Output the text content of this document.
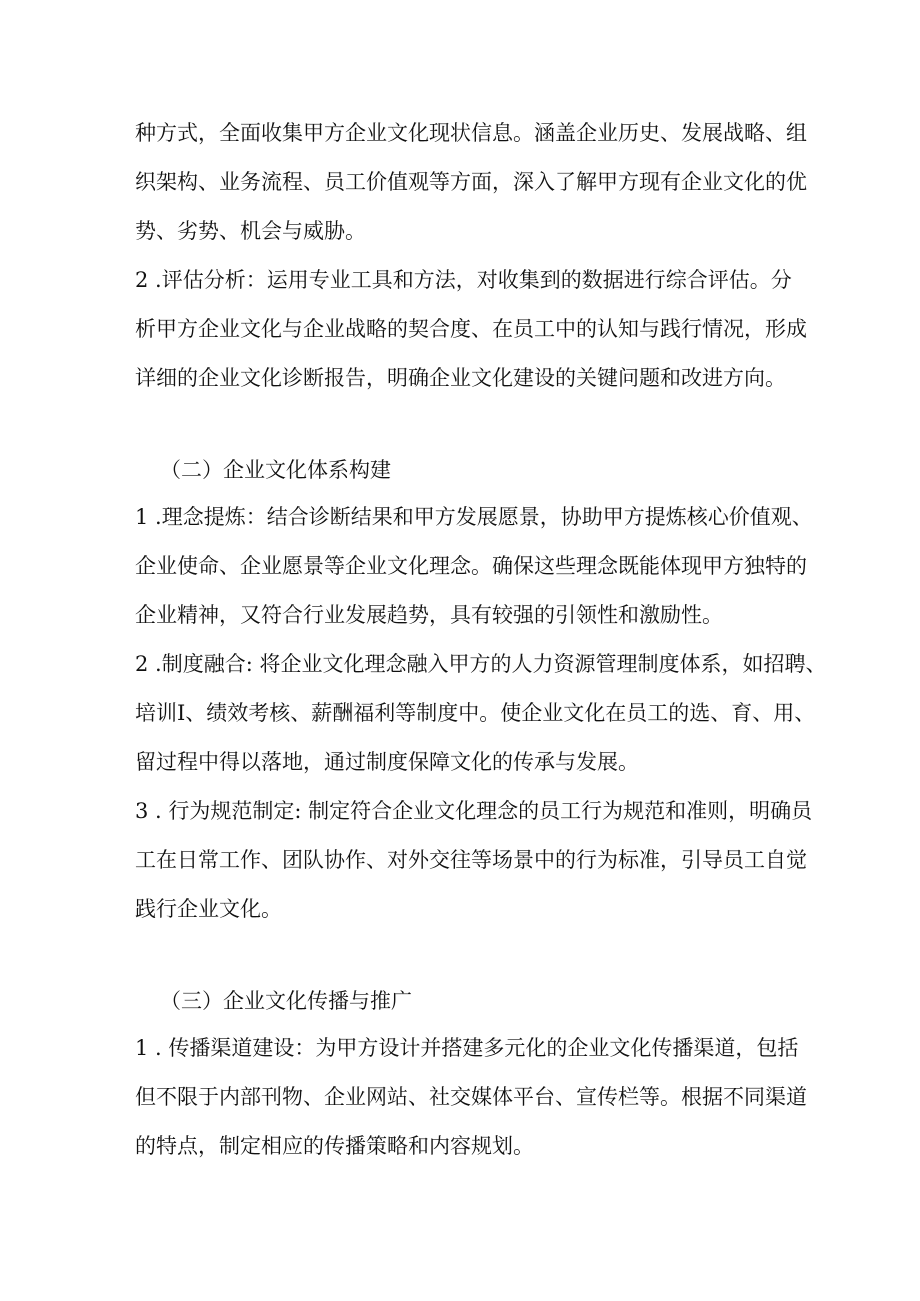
种方式，全面收集甲方企业文化现状信息。涵盖企业历史、发展战略、组
织架构、业务流程、员工价值观等方面，深入了解甲方现有企业文化的优
势、劣势、机会与威胁。
2 .评估分析：运用专业工具和方法，对收集到的数据进行综合评估。分
析甲方企业文化与企业战略的契合度、在员工中的认知与践行情况，形成
详细的企业文化诊断报告，明确企业文化建设的关键问题和改进方向。
（二）企业文化体系构建
1 .理念提炼：结合诊断结果和甲方发展愿景，协助甲方提炼核心价值观、
企业使命、企业愿景等企业文化理念。确保这些理念既能体现甲方独特的
企业精神，又符合行业发展趋势，具有较强的引领性和激励性。
2 .制度融合: 将企业文化理念融入甲方的人力资源管理制度体系，如招聘、
培训I、绩效考核、薪酬福利等制度中。使企业文化在员工的选、育、用、
留过程中得以落地，通过制度保障文化的传承与发展。
3 . 行为规范制定: 制定符合企业文化理念的员工行为规范和准则，明确员
工在日常工作、团队协作、对外交往等场景中的行为标准，引导员工自觉
践行企业文化。
（三）企业文化传播与推广
1 . 传播渠道建设：为甲方设计并搭建多元化的企业文化传播渠道，包括
但不限于内部刊物、企业网站、社交媒体平台、宣传栏等。根据不同渠道
的特点，制定相应的传播策略和内容规划。
